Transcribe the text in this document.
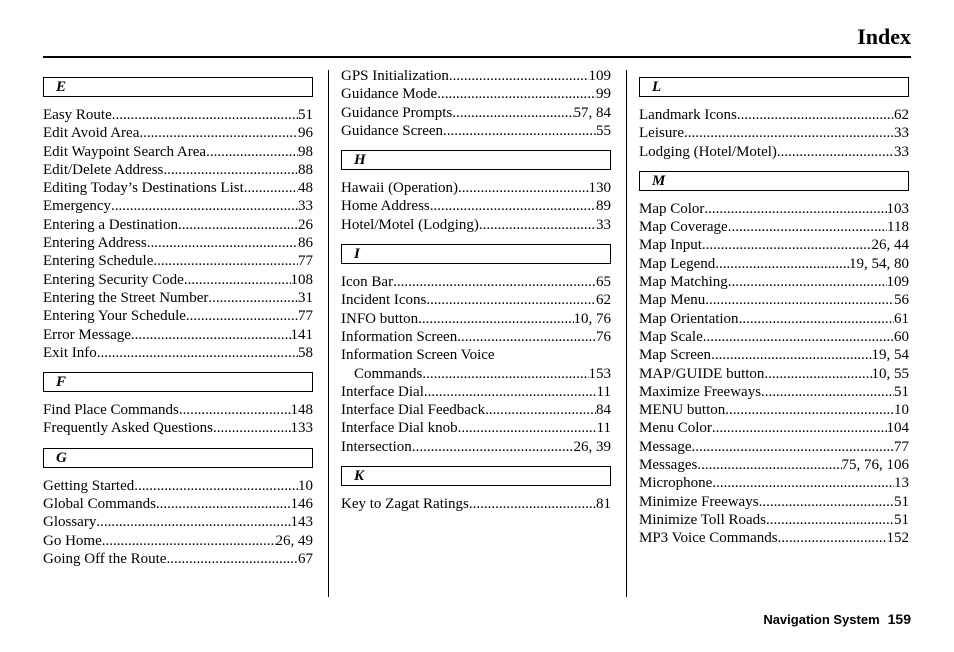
Index
E
Easy Route .....	51
Edit Avoid Area .....	96
Edit Waypoint Search Area .....	98
Edit/Delete Address .....	88
Editing Today’s Destinations List .....	48
Emergency .....	33
Entering a Destination .....	26
Entering Address .....	86
Entering Schedule .....	77
Entering Security Code .....	108
Entering the Street Number .....	31
Entering Your Schedule .....	77
Error Message .....	141
Exit Info .....	58
F
Find Place Commands .....	148
Frequently Asked Questions .....	133
G
Getting Started .....	10
Global Commands .....	146
Glossary .....	143
Go Home .....	26, 49
Going Off the Route .....	67
GPS Initialization .....	109
Guidance Mode .....	99
Guidance Prompts .....	57, 84
Guidance Screen .....	55
H
Hawaii (Operation) .....	130
Home Address .....	89
Hotel/Motel (Lodging) .....	33
I
Icon Bar .....	65
Incident Icons .....	62
INFO button .....	10, 76
Information Screen .....	76
Information Screen Voice
Commands .....	153
Interface Dial .....	11
Interface Dial Feedback .....	84
Interface Dial knob .....	11
Intersection .....	26, 39
K
Key to Zagat Ratings .....	81
L
Landmark Icons .....	62
Leisure .....	33
Lodging (Hotel/Motel) .....	33
M
Map Color .....	103
Map Coverage .....	118
Map Input .....	26, 44
Map Legend .....	19, 54, 80
Map Matching .....	109
Map Menu .....	56
Map Orientation .....	61
Map Scale .....	60
Map Screen .....	19, 54
MAP/GUIDE button .....	10, 55
Maximize Freeways .....	51
MENU button .....	10
Menu Color .....	104
Message .....	77
Messages .....	75, 76, 106
Microphone .....	13
Minimize Freeways .....	51
Minimize Toll Roads .....	51
MP3 Voice Commands .....	152
Navigation System 159
